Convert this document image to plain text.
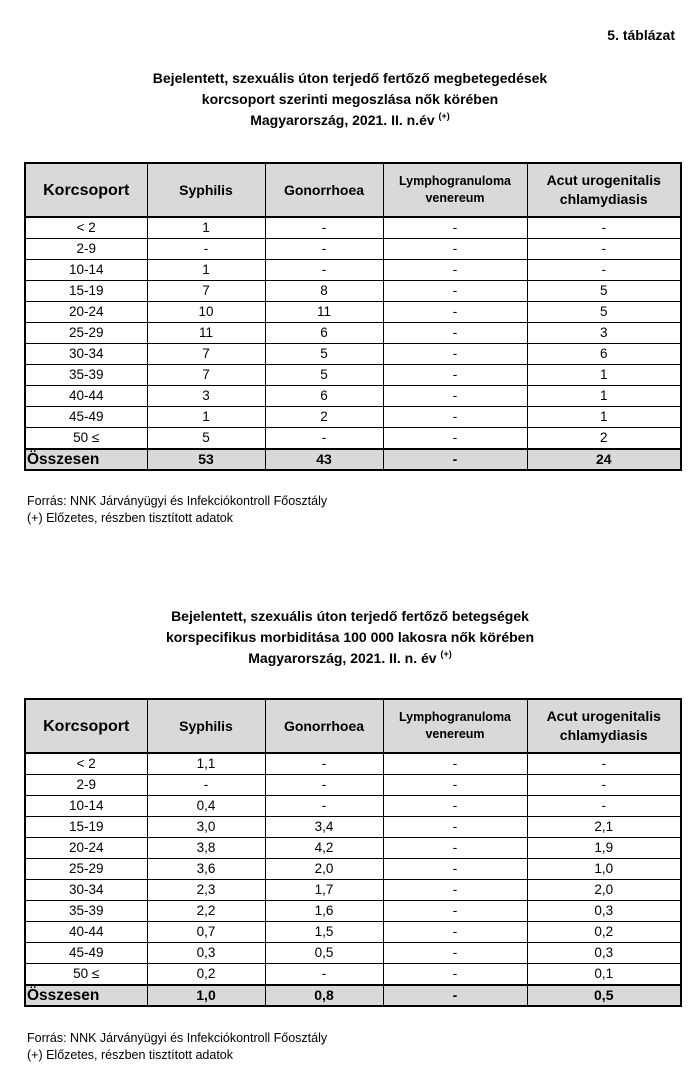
5. táblázat
Bejelentett, szexuális úton terjedő fertőző megbetegedések
korcsoport szerinti megoszlása nők körében
Magyarország, 2021. II. n.év (+)
Korcsoport	Syphilis	Gonorrhoea	Lymphogranuloma venereum	Acut urogenitalis chlamydiasis
< 2	1	-	-	-
2-9	-	-	-	-
10-14	1	-	-	-
15-19	7	8	-	5
20-24	10	11	-	5
25-29	11	6	-	3
30-34	7	5	-	6
35-39	7	5	-	1
40-44	3	6	-	1
45-49	1	2	-	1
50 ≤	5	-	-	2
Összesen	53	43	-	24
Forrás: NNK Járványügyi és Infekciókontroll Főosztály
(+) Előzetes, részben tisztított adatok
Bejelentett, szexuális úton terjedő fertőző betegségek
korspecifikus morbiditása 100 000 lakosra nők körében
Magyarország, 2021. II. n. év (+)
Korcsoport	Syphilis	Gonorrhoea	Lymphogranuloma venereum	Acut urogenitalis chlamydiasis
< 2	1,1	-	-	-
2-9	-	-	-	-
10-14	0,4	-	-	-
15-19	3,0	3,4	-	2,1
20-24	3,8	4,2	-	1,9
25-29	3,6	2,0	-	1,0
30-34	2,3	1,7	-	2,0
35-39	2,2	1,6	-	0,3
40-44	0,7	1,5	-	0,2
45-49	0,3	0,5	-	0,3
50 ≤	0,2	-	-	0,1
Összesen	1,0	0,8	-	0,5
Forrás: NNK Járványügyi és Infekciókontroll Főosztály
(+) Előzetes, részben tisztított adatok
